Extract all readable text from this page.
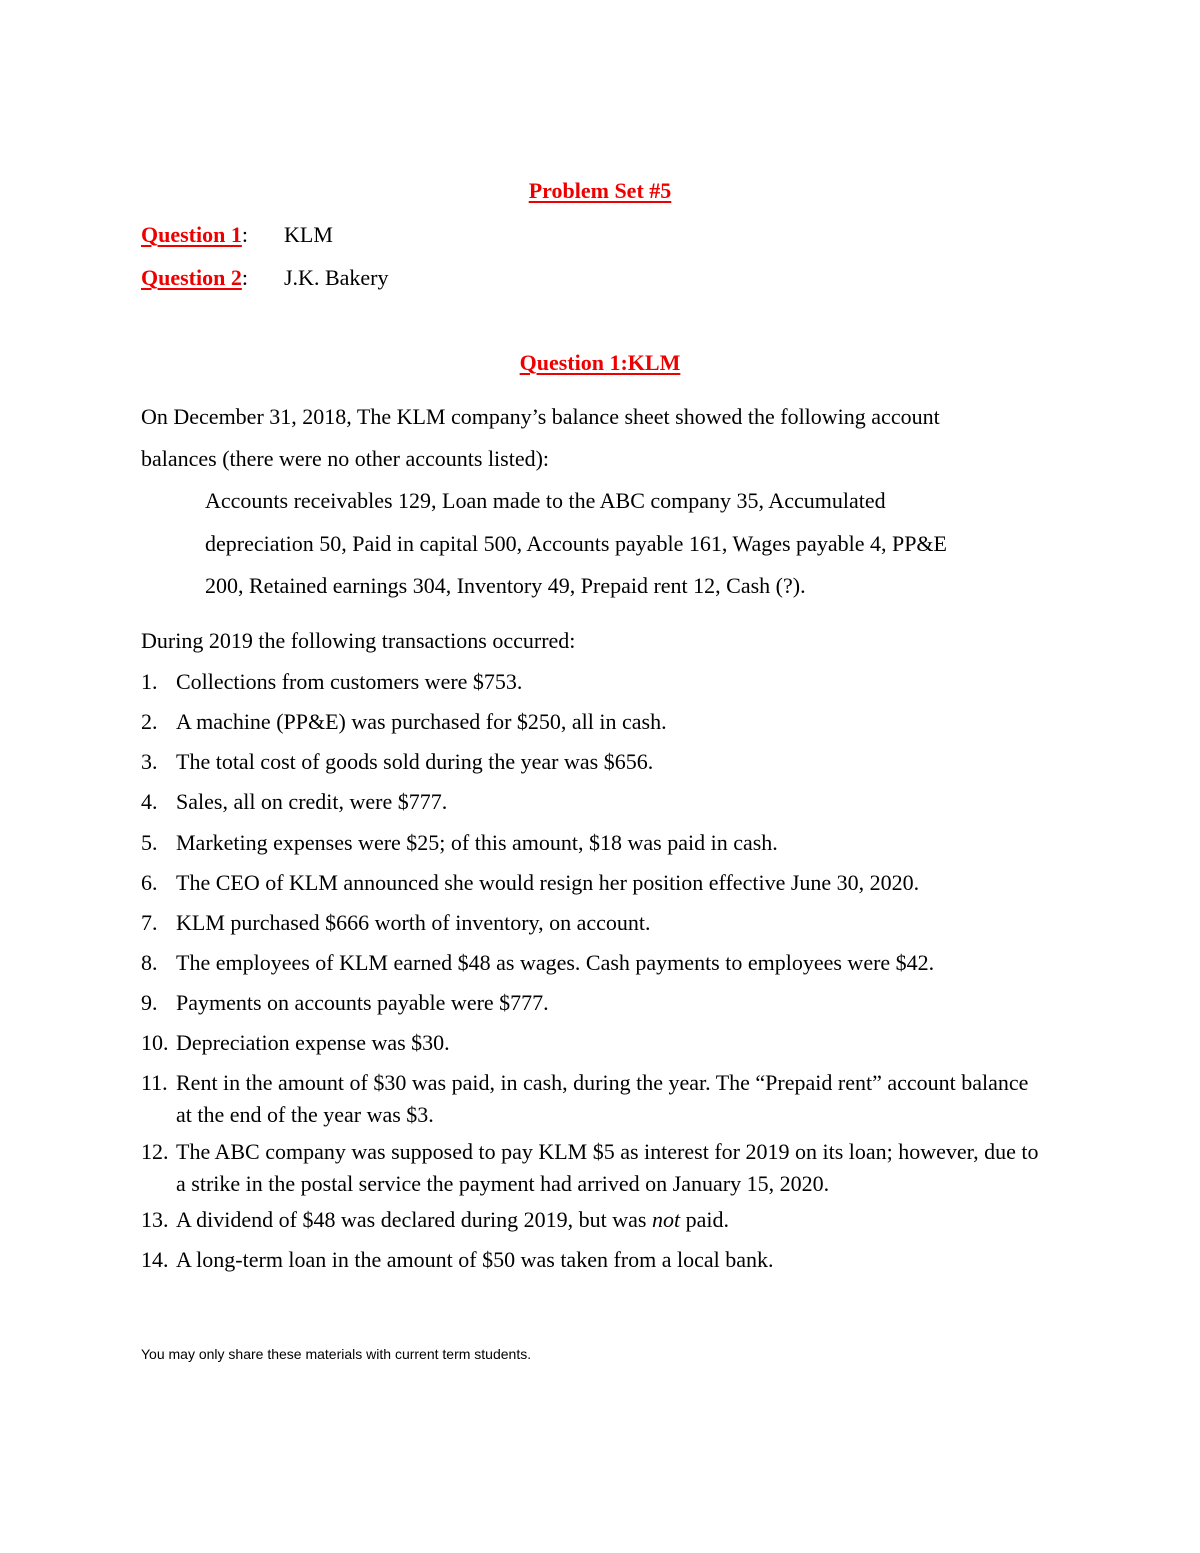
Problem Set #5
Question 1: KLM
Question 2: J.K. Bakery
Question 1:KLM
On December 31, 2018, The KLM company’s balance sheet showed the following account
balances (there were no other accounts listed):
Accounts receivables 129, Loan made to the ABC company 35, Accumulated
depreciation 50, Paid in capital 500, Accounts payable 161, Wages payable 4, PP&E
200, Retained earnings 304, Inventory 49, Prepaid rent 12, Cash (?).
During 2019 the following transactions occurred:
1. Collections from customers were $753.
2. A machine (PP&E) was purchased for $250, all in cash.
3. The total cost of goods sold during the year was $656.
4. Sales, all on credit, were $777.
5. Marketing expenses were $25; of this amount, $18 was paid in cash.
6. The CEO of KLM announced she would resign her position effective June 30, 2020.
7. KLM purchased $666 worth of inventory, on account.
8. The employees of KLM earned $48 as wages. Cash payments to employees were $42.
9. Payments on accounts payable were $777.
10. Depreciation expense was $30.
11. Rent in the amount of $30 was paid, in cash, during the year. The “Prepaid rent” account balance at the end of the year was $3.
12. The ABC company was supposed to pay KLM $5 as interest for 2019 on its loan; however, due to a strike in the postal service the payment had arrived on January 15, 2020.
13. A dividend of $48 was declared during 2019, but was not paid.
14. A long-term loan in the amount of $50 was taken from a local bank.
You may only share these materials with current term students.
